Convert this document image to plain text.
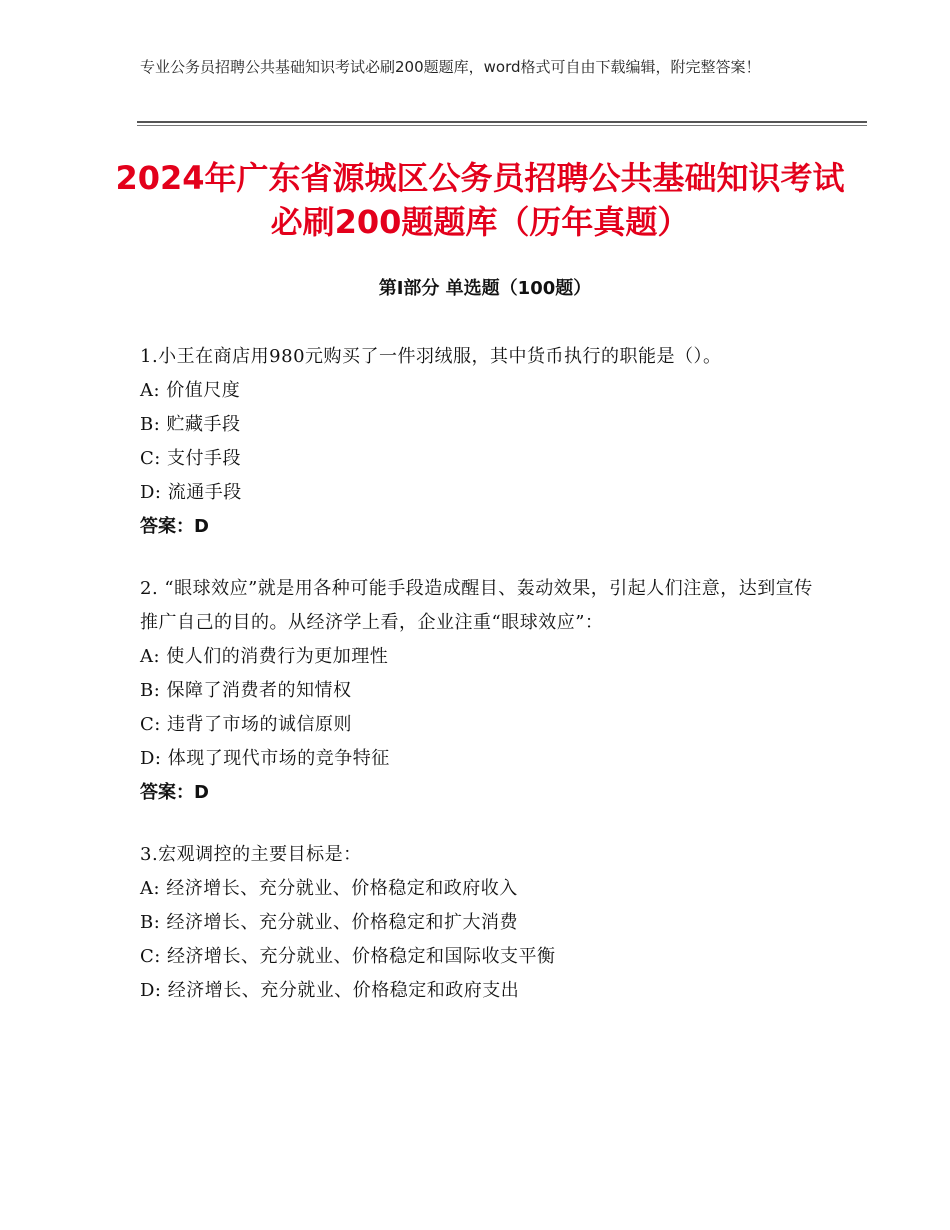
专业公务员招聘公共基础知识考试必刷200题题库，word格式可自由下载编辑，附完整答案！
2024年广东省源城区公务员招聘公共基础知识考试必刷200题题库（历年真题）
第Ⅰ部分 单选题（100题）

1.小王在商店用980元购买了一件羽绒服，其中货币执行的职能是（）。

A: 价值尺度

B: 贮藏手段

C: 支付手段

D: 流通手段

答案：D

2. “眼球效应”就是用各种可能手段造成醒目、轰动效果，引起人们注意，达到宣传推广自己的目的。从经济学上看，企业注重“眼球效应”：

A: 使人们的消费行为更加理性

B: 保障了消费者的知情权

C: 违背了市场的诚信原则

D: 体现了现代市场的竞争特征

答案：D

3.宏观调控的主要目标是：

A: 经济增长、充分就业、价格稳定和政府收入

B: 经济增长、充分就业、价格稳定和扩大消费

C: 经济增长、充分就业、价格稳定和国际收支平衡

D: 经济增长、充分就业、价格稳定和政府支出
